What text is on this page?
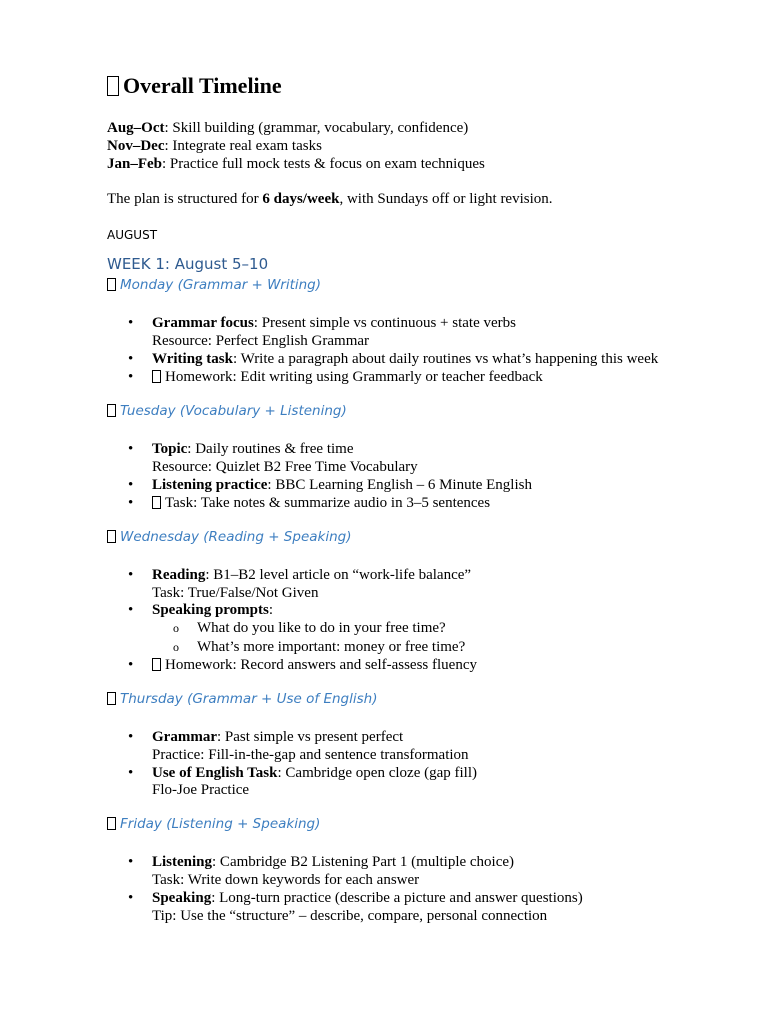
Overall Timeline
Aug–Oct: Skill building (grammar, vocabulary, confidence)
Nov–Dec: Integrate real exam tasks
Jan–Feb: Practice full mock tests & focus on exam techniques
The plan is structured for 6 days/week, with Sundays off or light revision.
AUGUST
WEEK 1: August 5–10
Monday (Grammar + Writing)
• Grammar focus: Present simple vs continuous + state verbs
Resource: Perfect English Grammar
• Writing task: Write a paragraph about daily routines vs what’s happening this week
• Homework: Edit writing using Grammarly or teacher feedback
Tuesday (Vocabulary + Listening)
• Topic: Daily routines & free time
Resource: Quizlet B2 Free Time Vocabulary
• Listening practice: BBC Learning English – 6 Minute English
• Task: Take notes & summarize audio in 3–5 sentences
Wednesday (Reading + Speaking)
• Reading: B1–B2 level article on “work-life balance”
Task: True/False/Not Given
• Speaking prompts:
o What do you like to do in your free time?
o What’s more important: money or free time?
• Homework: Record answers and self-assess fluency
Thursday (Grammar + Use of English)
• Grammar: Past simple vs present perfect
Practice: Fill-in-the-gap and sentence transformation
• Use of English Task: Cambridge open cloze (gap fill)
Flo-Joe Practice
Friday (Listening + Speaking)
• Listening: Cambridge B2 Listening Part 1 (multiple choice)
Task: Write down keywords for each answer
• Speaking: Long-turn practice (describe a picture and answer questions)
Tip: Use the “structure” – describe, compare, personal connection
